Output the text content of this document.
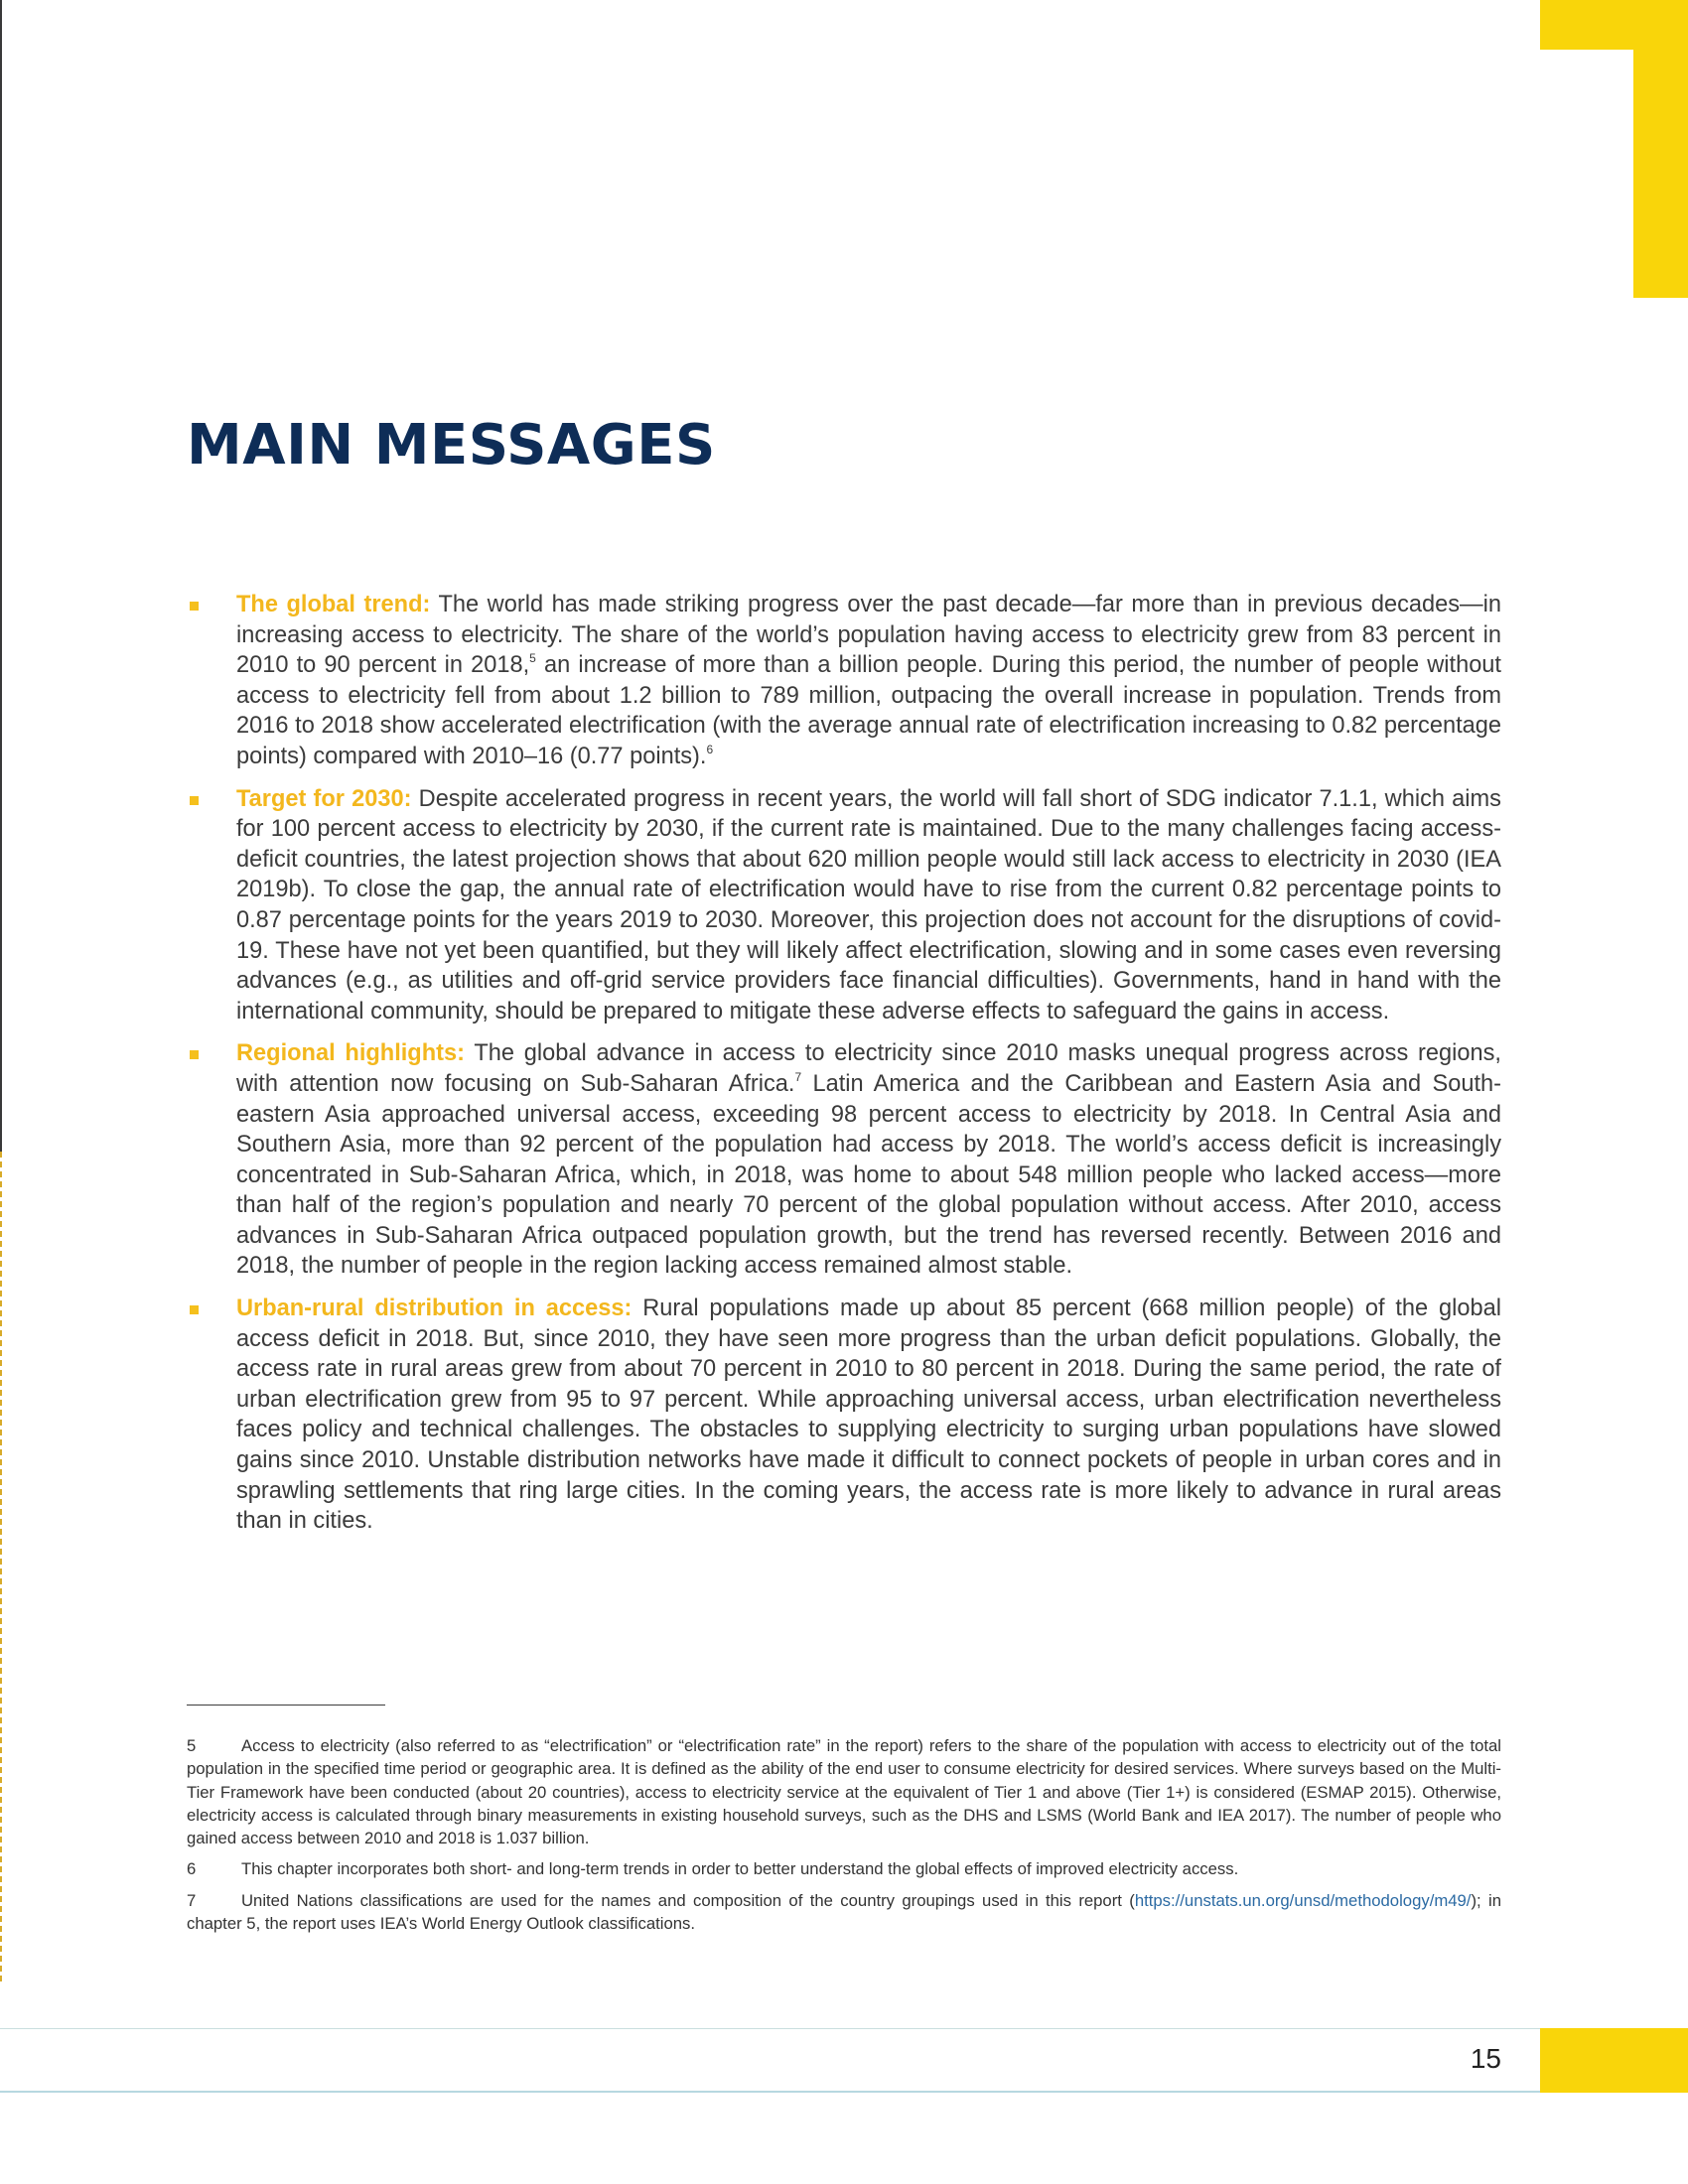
MAIN MESSAGES

The global trend: The world has made striking progress over the past decade—far more than in previous decades—in increasing access to electricity. The share of the world’s population having access to electricity grew from 83 percent in 2010 to 90 percent in 2018,$^5$ an increase of more than a billion people. During this period, the number of people without access to electricity fell from about 1.2 billion to 789 million, outpacing the overall increase in population. Trends from 2016 to 2018 show accelerated electrification (with the average annual rate of electrification increasing to 0.82 percentage points) compared with 2010–16 (0.77 points).$^6$

Target for 2030: Despite accelerated progress in recent years, the world will fall short of SDG indicator 7.1.1, which aims for 100 percent access to electricity by 2030, if the current rate is maintained. Due to the many challenges facing access-deficit countries, the latest projection shows that about 620 million people would still lack access to electricity in 2030 (IEA 2019b). To close the gap, the annual rate of electrification would have to rise from the current 0.82 percentage points to 0.87 percentage points for the years 2019 to 2030. Moreover, this projection does not account for the disruptions of covid-19. These have not yet been quantified, but they will likely affect electrification, slowing and in some cases even reversing advances (e.g., as utilities and off-grid service providers face financial difficulties). Governments, hand in hand with the international community, should be prepared to mitigate these adverse effects to safeguard the gains in access.

Regional highlights: The global advance in access to electricity since 2010 masks unequal progress across regions, with attention now focusing on Sub-Saharan Africa.$^7$ Latin America and the Caribbean and Eastern Asia and South-eastern Asia approached universal access, exceeding 98 percent access to electricity by 2018. In Central Asia and Southern Asia, more than 92 percent of the population had access by 2018. The world’s access deficit is increasingly concentrated in Sub-Saharan Africa, which, in 2018, was home to about 548 million people who lacked access—more than half of the region’s population and nearly 70 percent of the global population without access. After 2010, access advances in Sub-Saharan Africa outpaced population growth, but the trend has reversed recently. Between 2016 and 2018, the number of people in the region lacking access remained almost stable.

Urban-rural distribution in access: Rural populations made up about 85 percent (668 million people) of the global access deficit in 2018. But, since 2010, they have seen more progress than the urban deficit populations. Globally, the access rate in rural areas grew from about 70 percent in 2010 to 80 percent in 2018. During the same period, the rate of urban electrification grew from 95 to 97 percent. While approaching universal access, urban electrification nevertheless faces policy and technical challenges. The obstacles to supplying electricity to surging urban populations have slowed gains since 2010. Unstable distribution networks have made it difficult to connect pockets of people in urban cores and in sprawling settlements that ring large cities. In the coming years, the access rate is more likely to advance in rural areas than in cities.

5	Access to electricity (also referred to as “electrification” or “electrification rate” in the report) refers to the share of the population with access to electricity out of the total population in the specified time period or geographic area. It is defined as the ability of the end user to consume electricity for desired services. Where surveys based on the Multi-Tier Framework have been conducted (about 20 countries), access to electricity service at the equivalent of Tier 1 and above (Tier 1+) is considered (ESMAP 2015). Otherwise, electricity access is calculated through binary measurements in existing household surveys, such as the DHS and LSMS (World Bank and IEA 2017). The number of people who gained access between 2010 and 2018 is 1.037 billion.

6	This chapter incorporates both short- and long-term trends in order to better understand the global effects of improved electricity access.

7	United Nations classifications are used for the names and composition of the country groupings used in this report (https://unstats.un.org/unsd/methodology/m49/); in chapter 5, the report uses IEA’s World Energy Outlook classifications.

15
